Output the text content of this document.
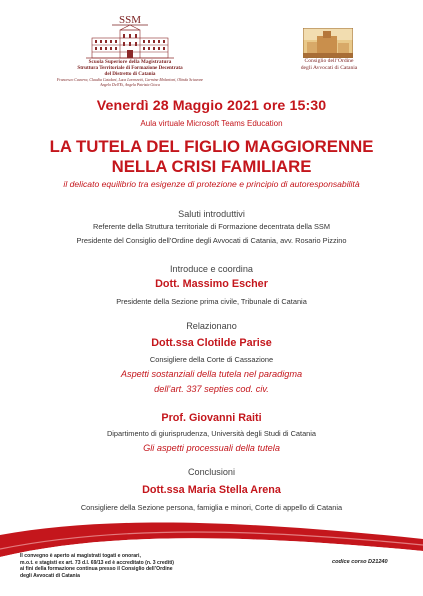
SSM
Scuola Superiore della Magistratura
Struttura Territoriale di Formazione Decentrata
del Distretto di Catania
Francesco Cavarra, Claudia Catalani, Luca Lorenzetti, Carmine Melanioni, Olinda Sciavone
Angelo Dell'Ei, Angela Patrizia Gioca
Consiglio dell’Ordine
degli Avvocati di Catania
Venerdì 28 Maggio 2021 ore 15:30
Aula virtuale Microsoft Teams Education
LA TUTELA DEL FIGLIO MAGGIORENNE
NELLA CRISI FAMILIARE
il delicato equilibrio tra esigenze di protezione e principio di autoresponsabilità
Saluti introduttivi
Referente della Struttura territoriale di Formazione decentrata della SSM
Presidente del Consiglio dell’Ordine degli Avvocati di Catania, avv. Rosario Pizzino
Introduce e coordina
Dott. Massimo Escher
Presidente della Sezione prima civile, Tribunale di Catania
Relazionano
Dott.ssa Clotilde Parise
Consigliere della Corte di Cassazione
Aspetti sostanziali della tutela nel paradigma
dell’art. 337 septies cod. civ.
Prof. Giovanni Raiti
Dipartimento di giurisprudenza, Università degli Studi di Catania
Gli aspetti processuali della tutela
Conclusioni
Dott.ssa Maria Stella Arena
Consigliere della Sezione persona, famiglia e minori, Corte di appello di Catania
Il convegno è aperto ai magistrati togati e onorari,
m.o.t. e stagisti ex art. 73 d.l. 69/13 ed è accreditato (n. 3 crediti)
ai fini della formazione continua presso il Consiglio dell’Ordine
degli Avvocati di Catania
codice corso D21240
